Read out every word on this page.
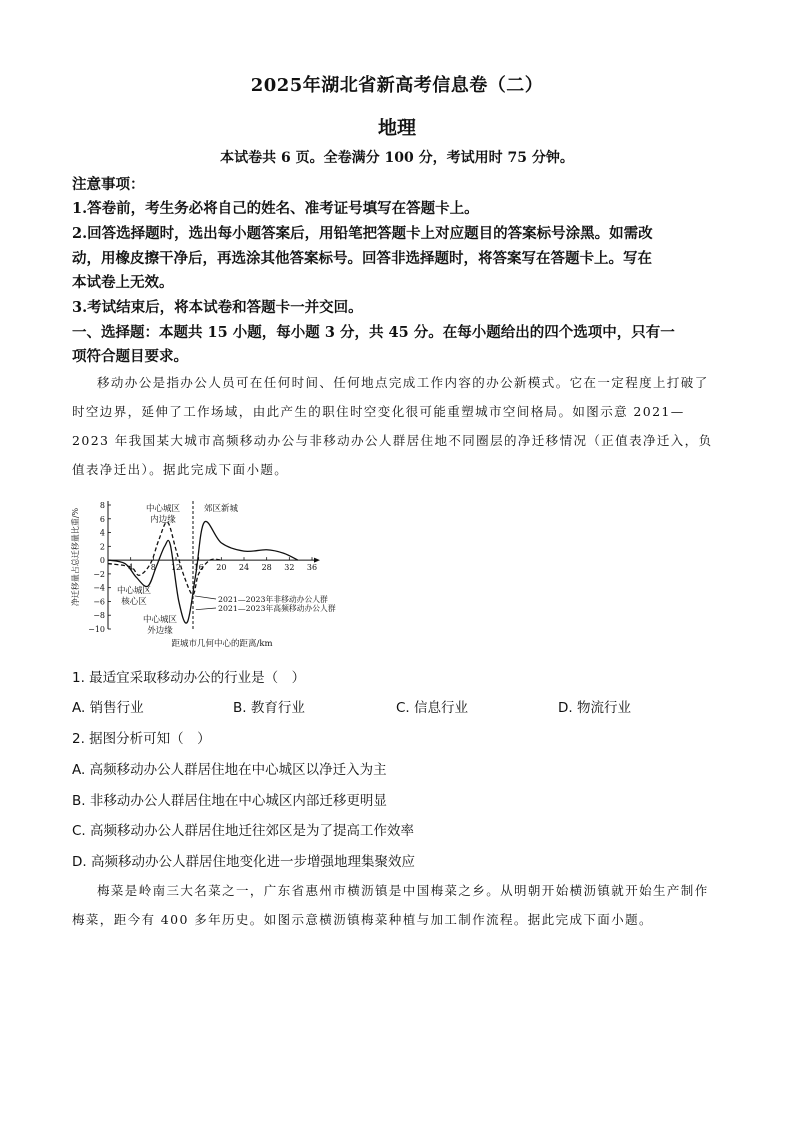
2025年湖北省新高考信息卷（二）
地理
本试卷共 6 页。全卷满分 100 分，考试用时 75 分钟。
注意事项：
1.答卷前，考生务必将自己的姓名、准考证号填写在答题卡上。
2.回答选择题时，选出每小题答案后，用铅笔把答题卡上对应题目的答案标号涂黑。如需改
动，用橡皮擦干净后，再选涂其他答案标号。回答非选择题时，将答案写在答题卡上。写在
本试卷上无效。
3.考试结束后，将本试卷和答题卡一并交回。
一、选择题：本题共 15 小题，每小题 3 分，共 45 分。在每小题给出的四个选项中，只有一
项符合题目要求。
移动办公是指办公人员可在任何时间、任何地点完成工作内容的办公新模式。它在一定程度上打破了时空边界，延伸了工作场域，由此产生的职住时空变化很可能重塑城市空间格局。如图示意 2021—2023 年我国某大城市高频移动办公与非移动办公人群居住地不同圈层的净迁移情况（正值表净迁入，负值表净迁出）。据此完成下面小题。
8
6
4
2
0
−2
−4
−6
−8
−10
4 8 12 16 20 24 28 32 36
净迁移量占总迁移量比重/%
距城市几何中心的距离/km
中心城区
内边缘
郊区新城
中心城区
核心区
中心城区
外边缘
2021—2023年非移动办公人群
2021—2023年高频移动办公人群
1. 最适宜采取移动办公的行业是（　）
A. 销售行业	B. 教育行业	C. 信息行业	D. 物流行业
2. 据图分析可知（　）
A. 高频移动办公人群居住地在中心城区以净迁入为主
B. 非移动办公人群居住地在中心城区内部迁移更明显
C. 高频移动办公人群居住地迁往郊区是为了提高工作效率
D. 高频移动办公人群居住地变化进一步增强地理集聚效应
梅菜是岭南三大名菜之一，广东省惠州市横沥镇是中国梅菜之乡。从明朝开始横沥镇就开始生产制作梅菜，距今有 400 多年历史。如图示意横沥镇梅菜种植与加工制作流程。据此完成下面小题。
